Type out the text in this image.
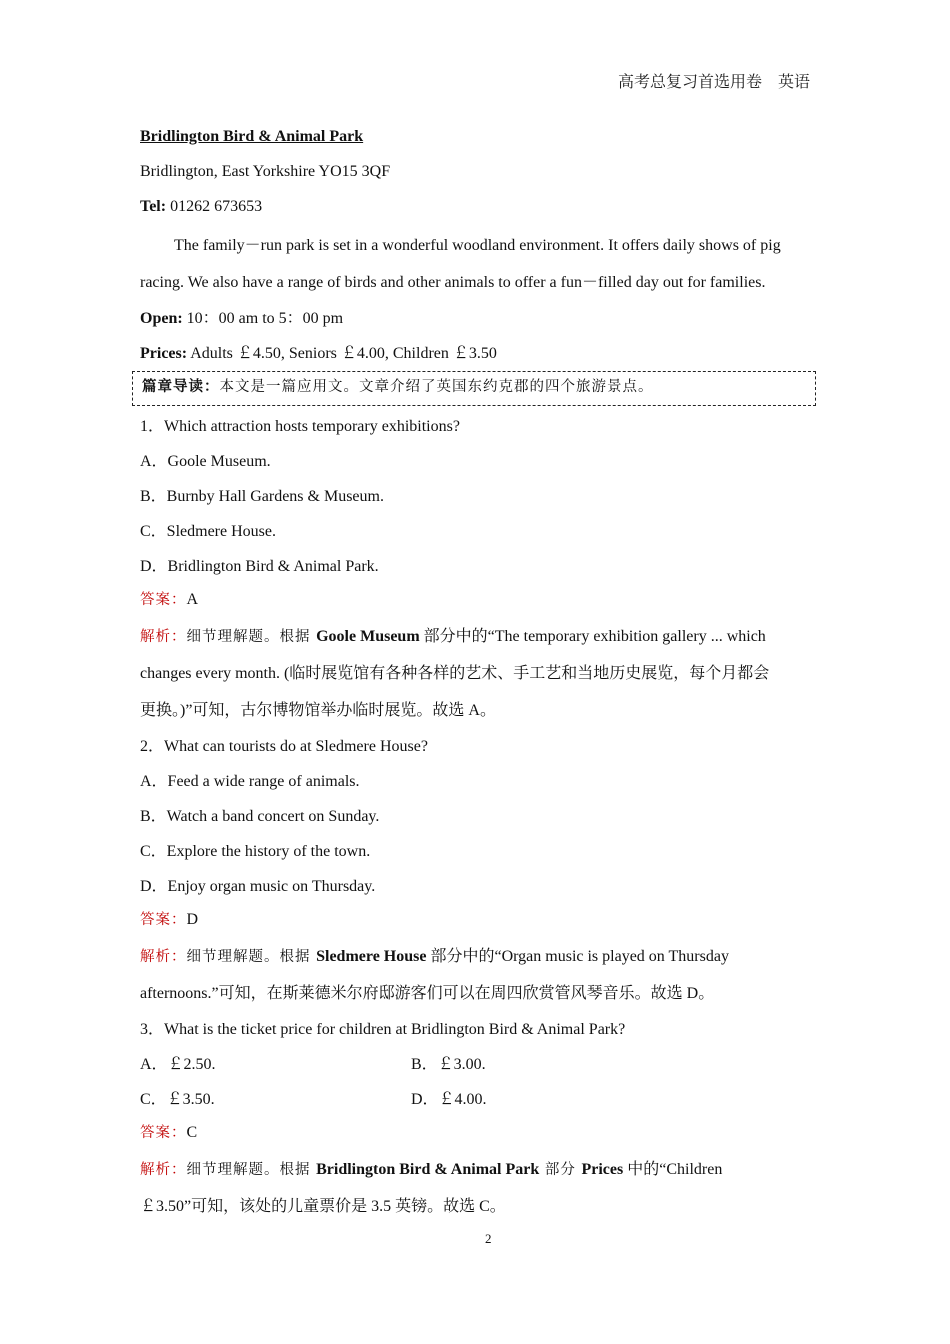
高考总复习首选用卷　英语
Bridlington Bird & Animal Park
Bridlington, East Yorkshire YO15 3QF
Tel: 01262 673653
The family－run park is set in a wonderful woodland environment. It offers daily shows of pig
racing. We also have a range of birds and other animals to offer a fun－filled day out for families.
Open: 10：00 am to 5：00 pm
Prices: Adults ￡4.50, Seniors ￡4.00, Children ￡3.50
篇章导读：本文是一篇应用文。文章介绍了英国东约克郡的四个旅游景点。
1．Which attraction hosts temporary exhibitions?
A．Goole Museum.
B．Burnby Hall Gardens & Museum.
C．Sledmere House.
D．Bridlington Bird & Animal Park.
答案：A
解析：细节理解题。根据 Goole Museum 部分中的“The temporary exhibition gallery ... which
changes every month. (临时展览馆有各种各样的艺术、手工艺和当地历史展览，每个月都会
更换。)”可知，古尔博物馆举办临时展览。故选 A。
2．What can tourists do at Sledmere House?
A．Feed a wide range of animals.
B．Watch a band concert on Sunday.
C．Explore the history of the town.
D．Enjoy organ music on Thursday.
答案：D
解析：细节理解题。根据 Sledmere House 部分中的“Organ music is played on Thursday
afternoons.”可知，在斯莱德米尔府邸游客们可以在周四欣赏管风琴音乐。故选 D。
3．What is the ticket price for children at Bridlington Bird & Animal Park?
A．￡2.50.	B．￡3.00.
C．￡3.50.	D．￡4.00.
答案：C
解析：细节理解题。根据 Bridlington Bird & Animal Park 部分 Prices 中的“Children
￡3.50”可知，该处的儿童票价是 3.5 英镑。故选 C。
2
